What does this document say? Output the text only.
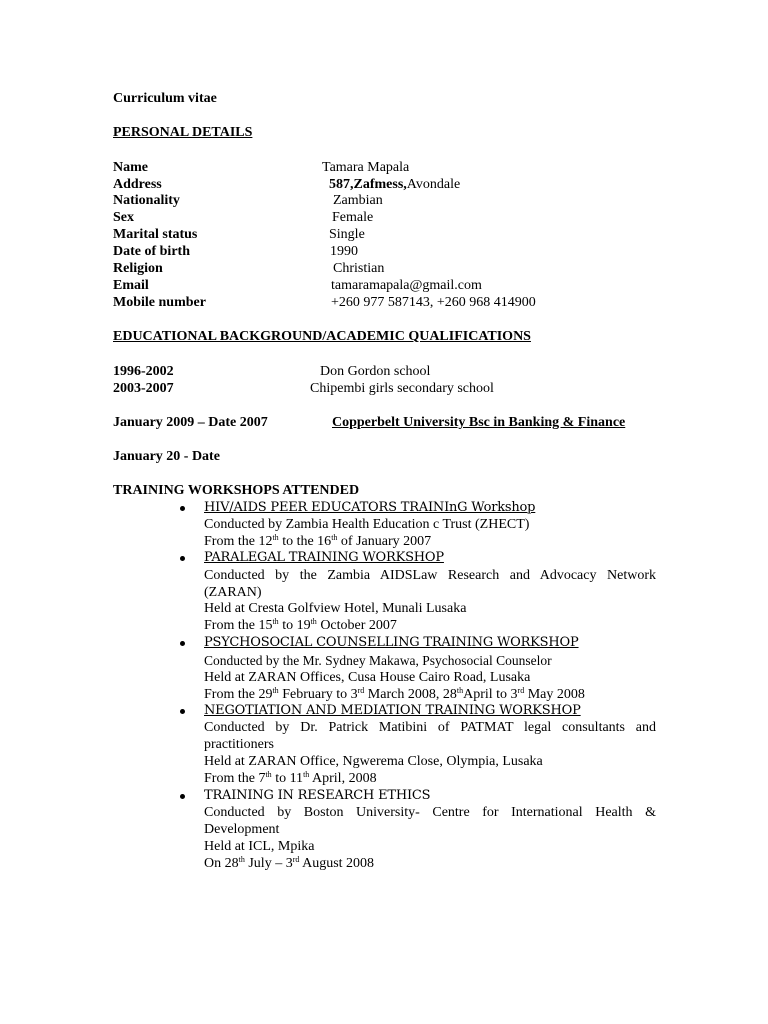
Curriculum vitae
PERSONAL DETAILS
Name	Tamara Mapala
Address	587,Zafmess,Avondale
Nationality	Zambian
Sex	Female
Marital status	Single
Date of birth	1990
Religion	Christian
Email	tamaramapala@gmail.com
Mobile number	+260 977 587143, +260 968 414900
EDUCATIONAL BACKGROUND/ACADEMIC QUALIFICATIONS
1996-2002	Don Gordon school
2003-2007	Chipembi girls secondary school
January 2009 – Date 2007	Copperbelt University Bsc in Banking & Finance
January 20 - Date
TRAINING WORKSHOPS ATTENDED
HIV/AIDS PEER EDUCATORS TRAINInG Workshop
Conducted by Zambia Health Education c Trust (ZHECT)
From the 12th to the 16th of January 2007
PARALEGAL TRAINING WORKSHOP
Conducted by the Zambia AIDSLaw Research and Advocacy Network (ZARAN)
Held at Cresta Golfview Hotel, Munali Lusaka
From the 15th to 19th October 2007
PSYCHOSOCIAL COUNSELLING TRAINING WORKSHOP
Conducted by the Mr. Sydney Makawa, Psychosocial Counselor
Held at ZARAN Offices, Cusa House Cairo Road, Lusaka
From the 29th February to 3rd March 2008, 28thApril to 3rd May 2008
NEGOTIATION AND MEDIATION TRAINING WORKSHOP
Conducted by Dr. Patrick Matibini of PATMAT legal consultants and practitioners
Held at ZARAN Office, Ngwerema Close, Olympia, Lusaka
From the 7th to 11th April, 2008
TRAINING IN RESEARCH ETHICS
Conducted by Boston University- Centre for International Health & Development
Held at ICL, Mpika
On 28th July – 3rd August 2008
